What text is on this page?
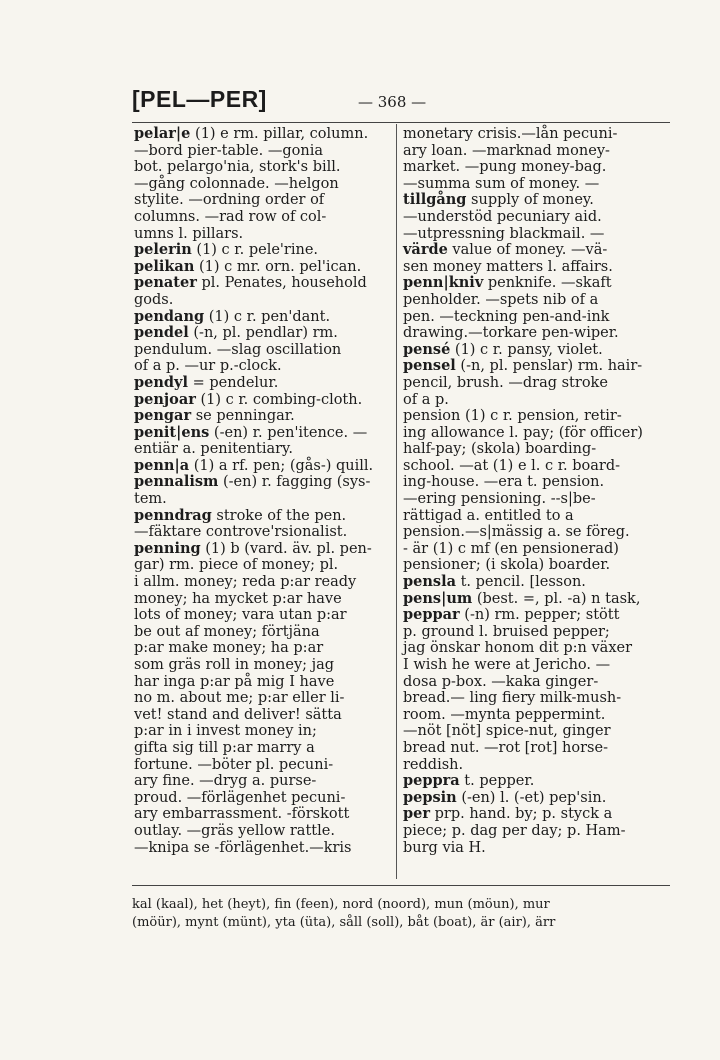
[PEL—PER]	— 368 —
pelar|e (1) e rm. pillar, column.
—bord pier-table. —gonia
bot. pelargo'nia, stork's bill.
—gång colonnade. —helgon
stylite. —ordning order of
columns. —rad row of col-
umns l. pillars.
pelerin (1) c r. pele'rine.
pelikan (1) c mr. orn. pel'ican.
penater pl. Penates, household
gods.
pendang (1) c r. pen'dant.
pendel (-n, pl. pendlar) rm.
pendulum. —slag oscillation
of a p. —ur p.-clock.
pendyl = pendelur.
penjoar (1) c r. combing-cloth.
pengar se penningar.
penit|ens (-en) r. pen'itence. —
entiär a. penitentiary.
penn|a (1) a rf. pen; (gås-) quill.
pennalism (-en) r. fagging (sys-
tem.
penndrag stroke of the pen.
—fäktare controve'rsionalist.
penning (1) b (vard. äv. pl. pen-
gar) rm. piece of money; pl.
i allm. money; reda p:ar ready
money; ha mycket p:ar have
lots of money; vara utan p:ar
be out af money; förtjäna
p:ar make money; ha p:ar
som gräs roll in money; jag
har inga p:ar på mig I have
no m. about me; p:ar eller li-
vet! stand and deliver! sätta
p:ar in i invest money in;
gifta sig till p:ar marry a
fortune. —böter pl. pecuni-
ary fine. —dryg a. purse-
proud. —förlägenhet pecuni-
ary embarrassment. -förskott
outlay. —gräs yellow rattle.
—knipa se -förlägenhet.—kris
monetary crisis.—lån pecuni-
ary loan. —marknad money-
market. —pung money-bag.
—summa sum of money. —
tillgång supply of money.
—understöd pecuniary aid.
—utpressning blackmail. —
värde value of money. —vä-
sen money matters l. affairs.
penn|kniv penknife. —skaft
penholder. —spets nib of a
pen. —teckning pen-and-ink
drawing.—torkare pen-wiper.
pensé (1) c r. pansy, violet.
pensel (-n, pl. penslar) rm. hair-
pencil, brush. —drag stroke
of a p.
pension (1) c r. pension, retir-
ing allowance l. pay; (för officer)
half-pay; (skola) boarding-
school. —at (1) e l. c r. board-
ing-house. —era t. pension.
—ering pensioning. --s|be-
rättigad a. entitled to a
pension.—s|mässig a. se föreg.
- är (1) c mf (en pensionerad)
pensioner; (i skola) boarder.
pensla t. pencil. [lesson.
pens|um (best. =, pl. -a) n task,
peppar (-n) rm. pepper; stött
p. ground l. bruised pepper;
jag önskar honom dit p:n växer
I wish he were at Jericho. —
dosa p-box. —kaka ginger-
bread.— ling fiery milk-mush-
room. —mynta peppermint.
—nöt [nöt] spice-nut, ginger
bread nut. —rot [rot] horse-
reddish.
peppra t. pepper.
pepsin (-en) l. (-et) pep'sin.
per prp. hand. by; p. styck a
piece; p. dag per day; p. Ham-
burg via H.
kal (kaal), het (heyt), fin (feen), nord (noord), mun (möun), mur
(möür), mynt (münt), yta (üta), såll (soll), båt (boat), är (air), ärr
